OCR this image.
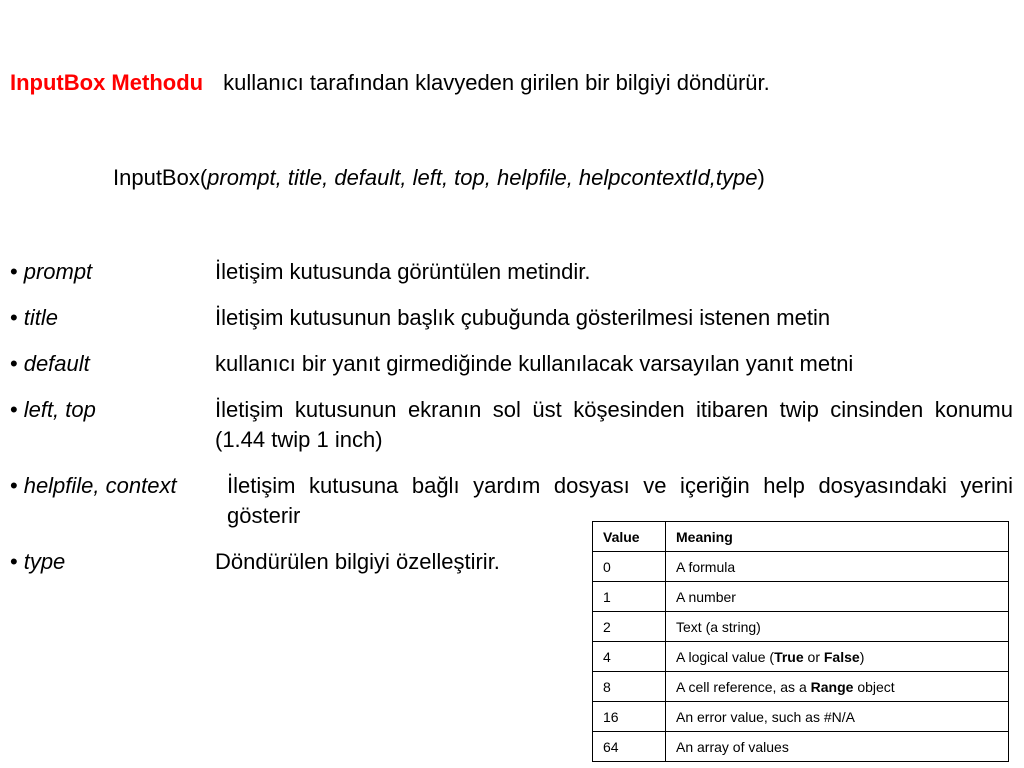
InputBox Methodu kullanıcı tarafından klavyeden girilen bir bilgiyi döndürür.
InputBox(prompt, title, default, left, top, helpfile, helpcontextId,type)
• prompt	İletişim kutusunda görüntülen metindir.
• title	İletişim kutusunun başlık çubuğunda gösterilmesi istenen metin
• default	kullanıcı bir yanıt girmediğinde kullanılacak varsayılan yanıt metni
• left, top	İletişim kutusunun ekranın sol üst köşesinden itibaren twip cinsinden konumu (1.44 twip 1 inch)
• helpfile, context İletişim kutusuna bağlı yardım dosyası ve içeriğin help dosyasındaki yerini gösterir
• type	Döndürülen bilgiyi özelleştirir.
Value	Meaning
0	A formula
1	A number
2	Text (a string)
4	A logical value (True or False)
8	A cell reference, as a Range object
16	An error value, such as #N/A
64	An array of values
